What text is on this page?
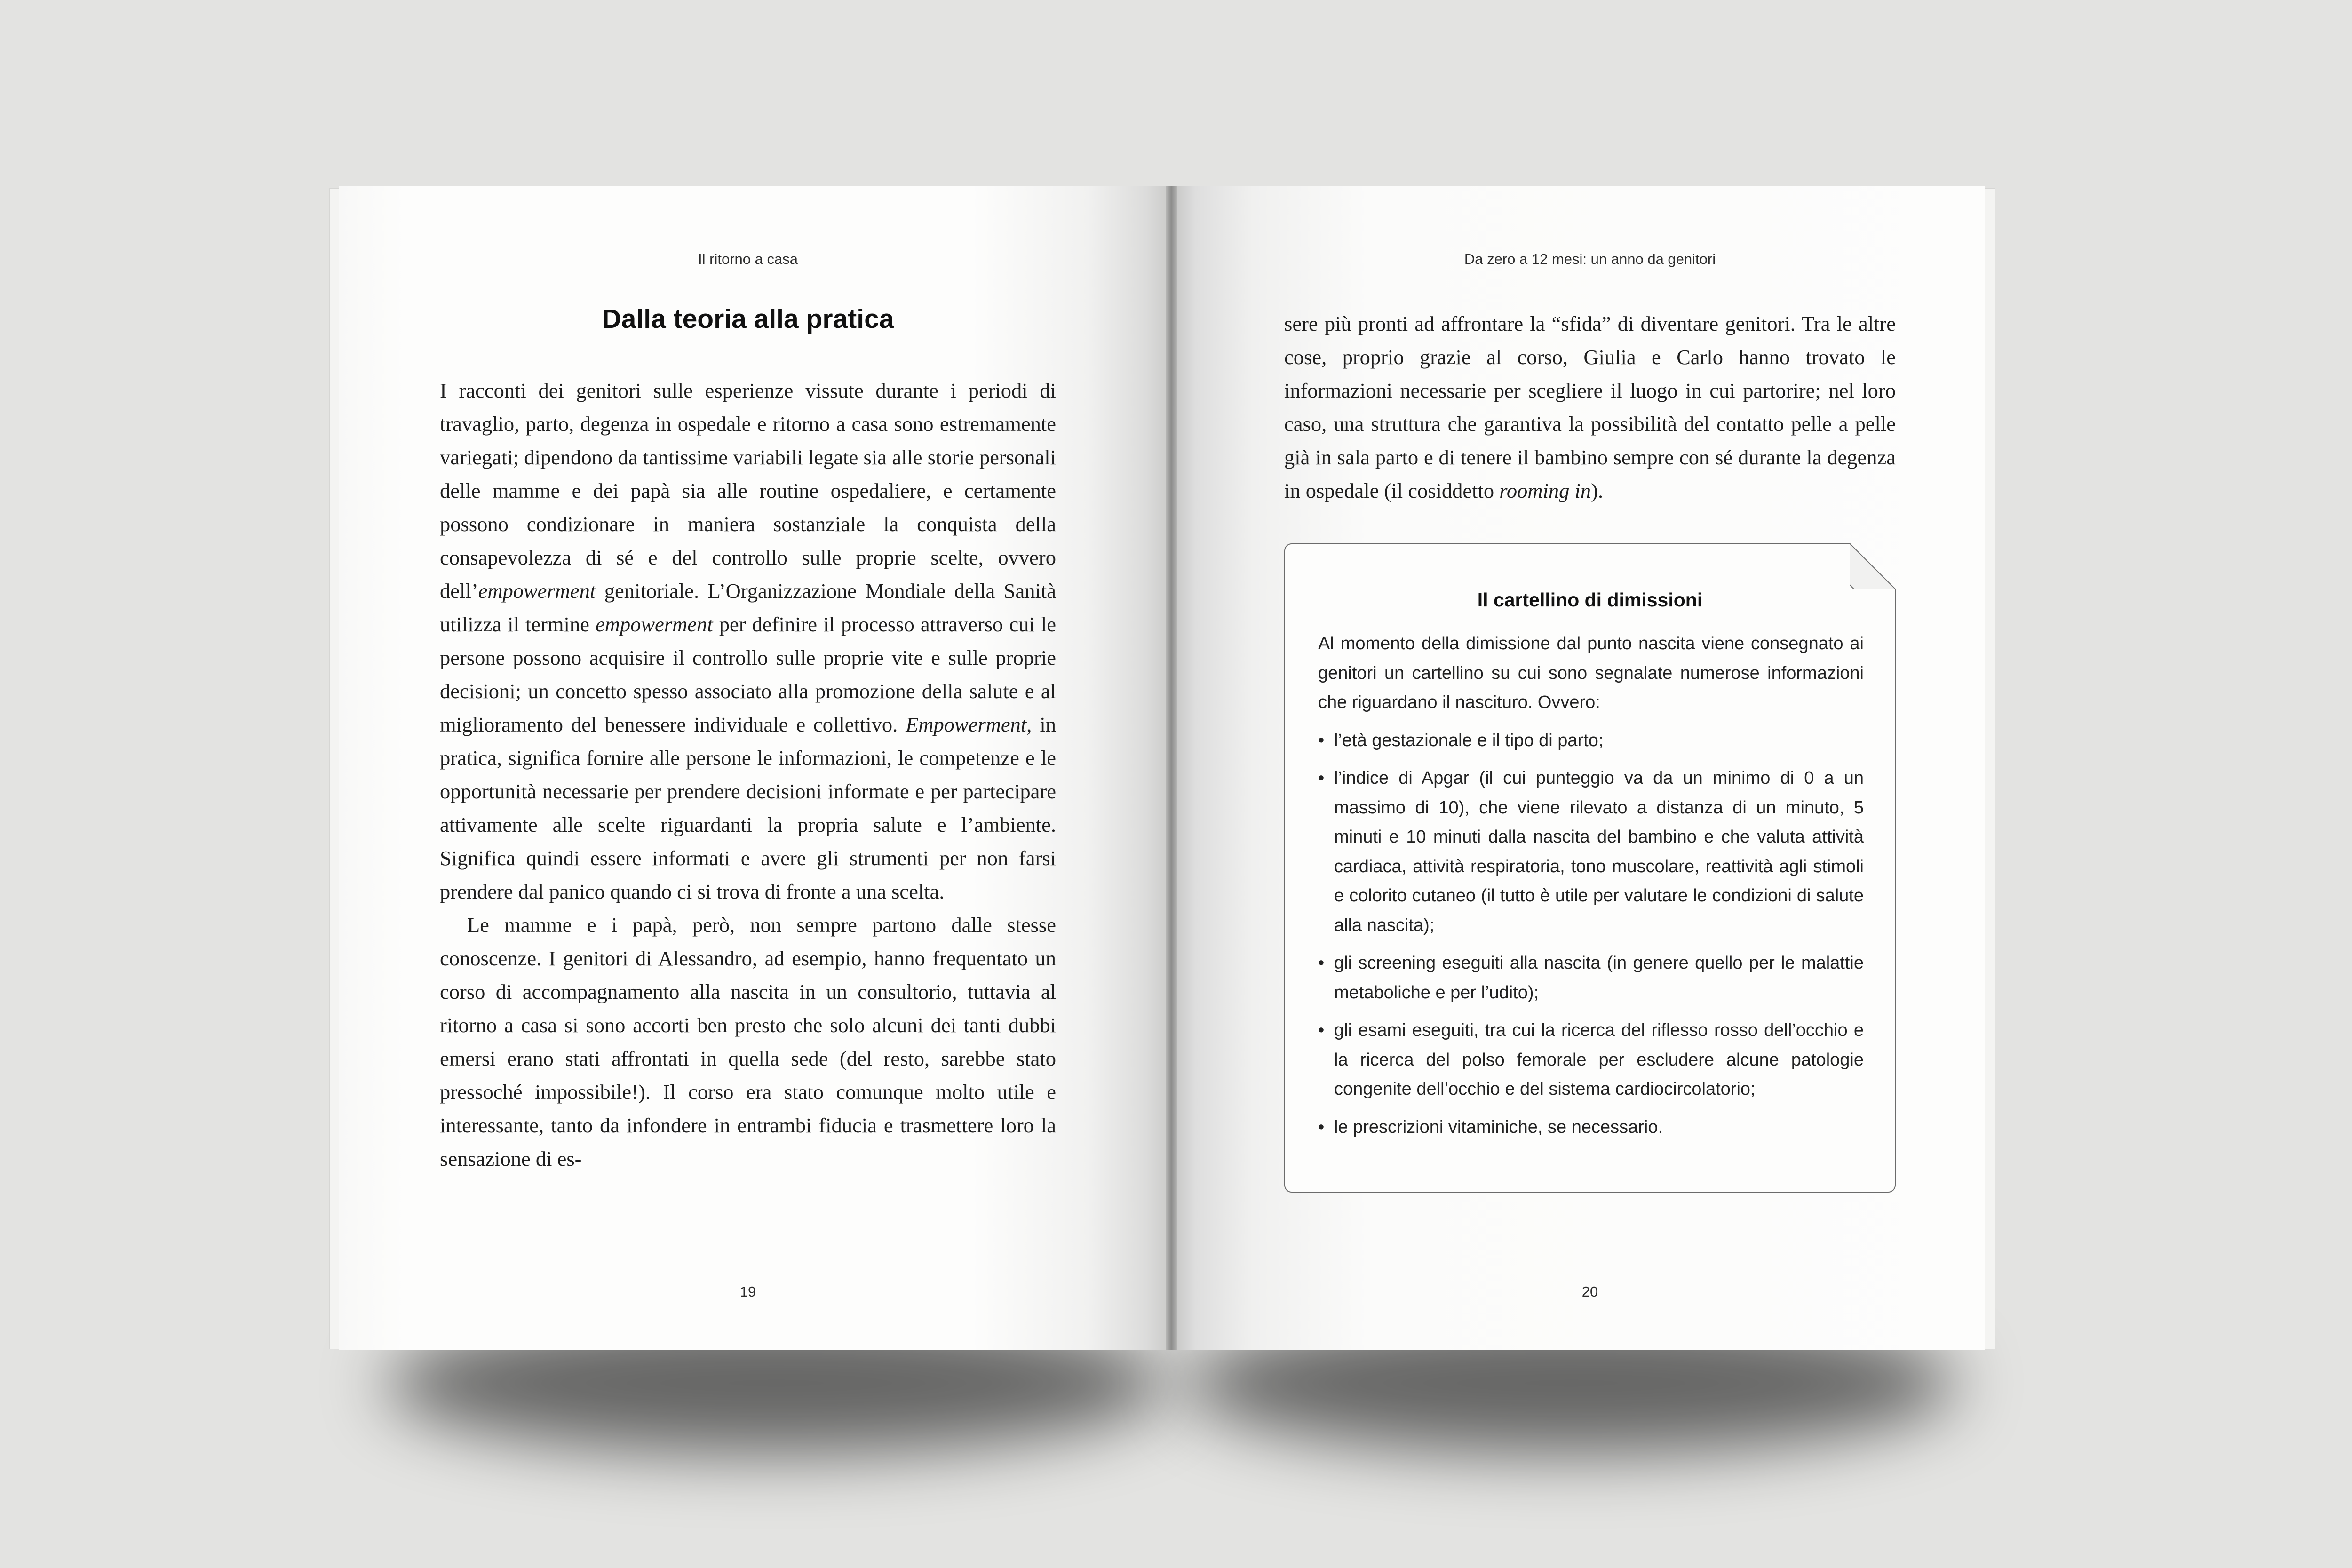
Il ritorno a casa
Dalla teoria alla pratica

I racconti dei genitori sulle esperienze vissute durante i periodi di travaglio, parto, degenza in ospedale e ritorno a casa sono estremamente variegati; dipendono da tantissime variabili legate sia alle storie personali delle mamme e dei papà sia alle routine ospedaliere, e certamente possono condizionare in maniera sostanziale la conquista della consapevolezza di sé e del controllo sulle proprie scelte, ovvero dell’empowerment genitoriale. L’Organizzazione Mondiale della Sanità utilizza il termine empowerment per definire il processo attraverso cui le persone possono acquisire il controllo sulle proprie vite e sulle proprie decisioni; un concetto spesso associato alla promozione della salute e al miglioramento del benessere individuale e collettivo. Empowerment, in pratica, significa fornire alle persone le informazioni, le competenze e le opportunità necessarie per prendere decisioni informate e per partecipare attivamente alle scelte riguardanti la propria salute e l’ambiente. Significa quindi essere informati e avere gli strumenti per non farsi prendere dal panico quando ci si trova di fronte a una scelta.

Le mamme e i papà, però, non sempre partono dalle stesse conoscenze. I genitori di Alessandro, ad esempio, hanno frequentato un corso di accompagnamento alla nascita in un consultorio, tuttavia al ritorno a casa si sono accorti ben presto che solo alcuni dei tanti dubbi emersi erano stati affrontati in quella sede (del resto, sarebbe stato pressoché impossibile!). Il corso era stato comunque molto utile e interessante, tanto da infondere in entrambi fiducia e trasmettere loro la sensazione di es-

19
Da zero a 12 mesi: un anno da genitori

sere più pronti ad affrontare la “sfida” di diventare genitori. Tra le altre cose, proprio grazie al corso, Giulia e Carlo hanno trovato le informazioni necessarie per scegliere il luogo in cui partorire; nel loro caso, una struttura che garantiva la possibilità del contatto pelle a pelle già in sala parto e di tenere il bambino sempre con sé durante la degenza in ospedale (il cosiddetto rooming in).

Il cartellino di dimissioni

Al momento della dimissione dal punto nascita viene consegnato ai genitori un cartellino su cui sono segnalate numerose informazioni che riguardano il nascituro. Ovvero:

• l’età gestazionale e il tipo di parto;
• l’indice di Apgar (il cui punteggio va da un minimo di 0 a un massimo di 10), che viene rilevato a distanza di un minuto, 5 minuti e 10 minuti dalla nascita del bambino e che valuta attività cardiaca, attività respiratoria, tono muscolare, reattività agli stimoli e colorito cutaneo (il tutto è utile per valutare le condizioni di salute alla nascita);
• gli screening eseguiti alla nascita (in genere quello per le malattie metaboliche e per l’udito);
• gli esami eseguiti, tra cui la ricerca del riflesso rosso dell’occhio e la ricerca del polso femorale per escludere alcune patologie congenite dell’occhio e del sistema cardiocircolatorio;
• le prescrizioni vitaminiche, se necessario.
20
